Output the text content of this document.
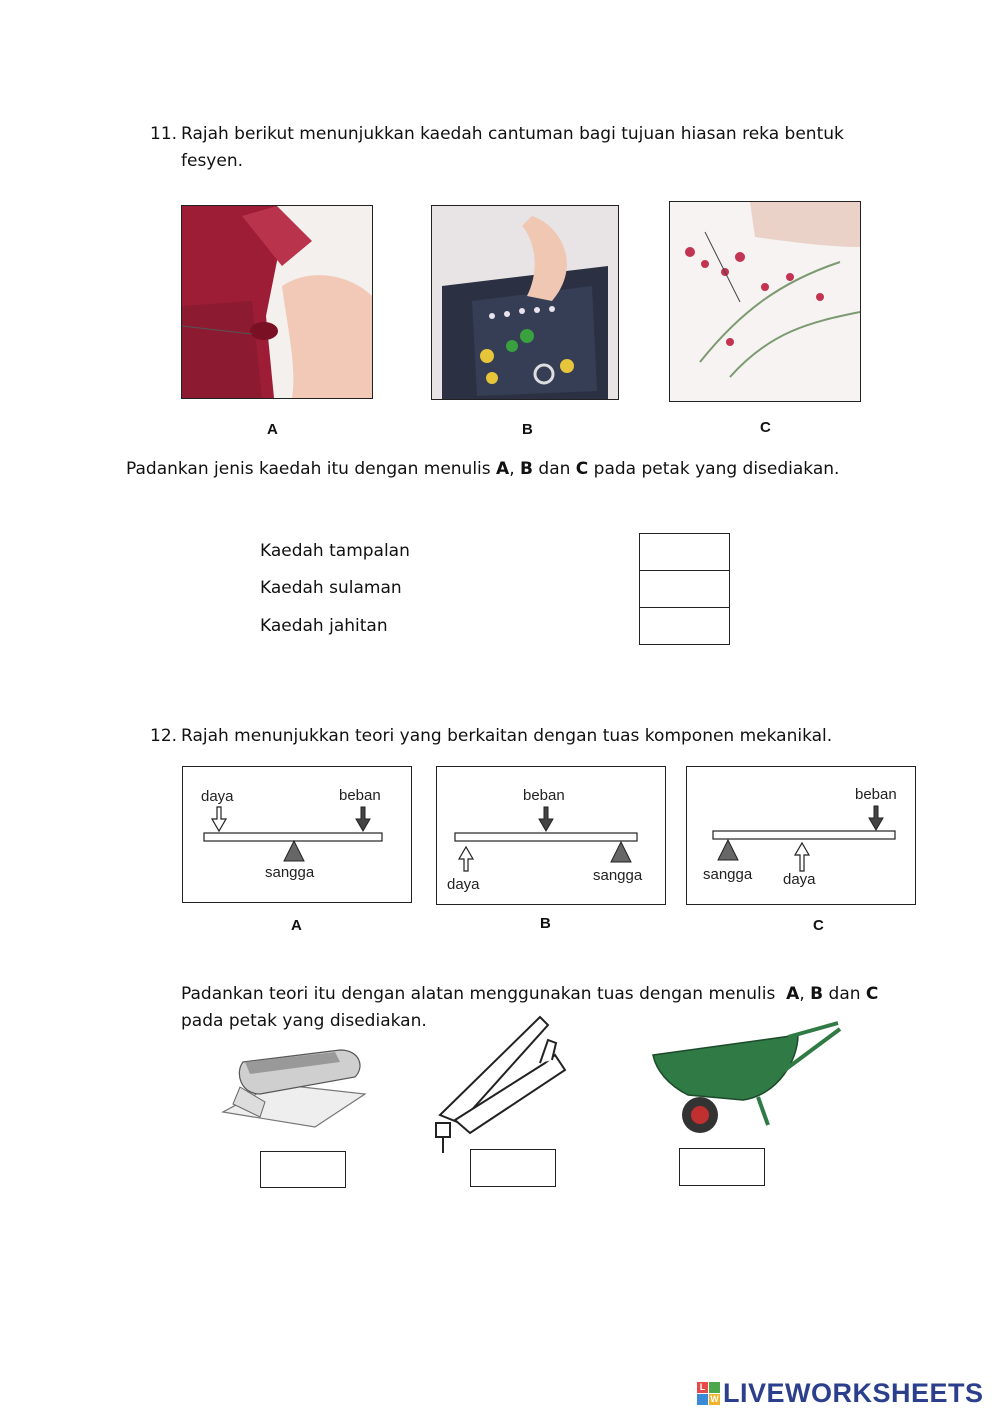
11. Rajah berikut menunjukkan kaedah cantuman bagi tujuan hiasan reka bentuk
fesyen.
A	B	C
Padankan jenis kaedah itu dengan menulis A, B dan C pada petak yang disediakan.
Kaedah tampalan
Kaedah sulaman
Kaedah jahitan

12. Rajah menunjukkan teori yang berkaitan dengan tuas komponen mekanikal.
daya	beban
sangga
beban
daya
sangga
beban
sangga daya
A	B	C
Padankan teori itu dengan alatan menggunakan tuas dengan menulis  A, B dan C
pada petak yang disediakan.
L
W LIVEWORKSHEETS
